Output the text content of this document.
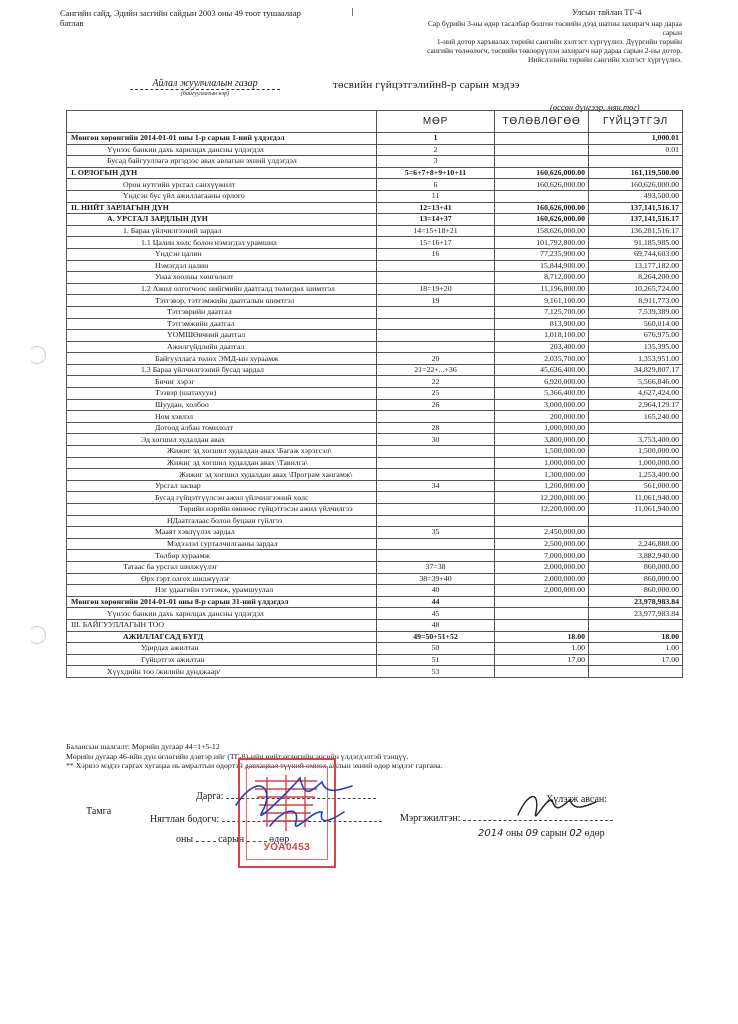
Сангийн сайд, Эдийн засгийн сайдын 2003 оны 49 тоот тушаалаар
батлав
Улсын тайлан ТГ-4
Сар бүрийн 3-ны өдөр тасалбар болгон төсвийн дээд шатны захирагч нар дараа сарын
1-ний дотор харъяалах төрийн сангийн хэлтэст хүргүүлнэ. Дүүргийн төрийн
сангийн төлөөлөгч, төсвийн төвлөрүүлэн захирагч нар дараа сарын 2-ны дотор,
Нийслэлийн төрийн сангийн хэлтэст хүргүүлнэ.
Айлал жуулчлалын газар
(байгууллагын нэр)
төсвийн гүйцэтгэлийн8-р сарын мэдээ
(өссөн дүнгээр, мян.төг)
	МӨР	ТӨЛӨВЛӨГӨӨ	ГҮЙЦЭТГЭЛ
Мөнгөн хөрөнгийн 2014-01-01 оны 1-р сарын 1-ний үлдэгдэл	1		1,000.01
Үүнээс банкин дахь харилцах дансны үлдэгдэл	2		0.01
Бусад байгууллага иргэдээс авах авлагын эхний үлдэгдэл	3		
I. ОРЛОГЫН ДҮН	5=6+7+8+9+10+11	160,626,000.00	161,119,500.00
Орон нутгийн урсгал санхүүжилт	6	160,626,000.00	160,626,000.00
Үндсэн бус үйл ажиллагааны орлого	11		493,500.00
II. НИЙТ ЗАРЛАГЫН ДҮН	12=13+41	160,626,000.00	137,141,516.17
А. УРСГАЛ ЗАРДЛЫН ДҮН	13=14+37	160,626,000.00	137,141,516.17
1. Бараа үйлчилгээний зардал	14=15+18+21	158,626,000.00	136,281,516.17
1.1 Цалин хөлс болон нэмэгдэл урамшил	15=16+17	101,792,800.00	91,185,985.00
Үндсэн цалин	16	77,235,900.00	69,744,603.00
Нэмэгдэл цалин		15,844,900.00	13,177,182.00
Унаа хоолны хөнгөлөлт		8,712,000.00	8,264,200.00
1.2 Ажил олгогчоос нийгмийн даатгалд төлөгдөх шимтгэл	18=19+20	11,196,800.00	10,265,724.00
Тэтгэвэр, тэтгэмжийн даатгалын шимтгэл	19	9,161,100.00	8,911,773.00
Тэтгэврийн даатгал		7,125,700.00	7,539,389.00
Тэтгэмжийн даатгал		813,900.00	560,014.00
ҮОМШӨвчний даатгал		1,018,100.00	676,975.00
Ажилгүйдлийн даатгал		203,400.00	135,395.00
Байгууллага төлөх ЭМД-ын хураамж	20	2,035,700.00	1,353,951.00
1.3 Бараа үйлчилгээний бусад зардал	21=22+...+36	45,636,400.00	34,829,807.17
Бичиг хэрэг	22	6,920,000.00	5,566,846.00
Тээвэр (шатахуун)	25	5,366,400.00	4,627,424.00
Шуудан, холбоо	26	3,000,000.00	2,964,129.17
Ном хэвлэл		200,000.00	165,240.00
Дотоод албан томилолт	28	1,000,000.00	
Эд хогшил худалдан авах	30	3,800,000.00	3,753,400.00
Жижиг эд хогшил худалдан авах \Багаж хэрэгсэл\		1,500,000.00	1,500,000.00
Жижиг эд хогшил худалдан авах \Тавилга\		1,000,000.00	1,000,000.00
Жижиг эд хогшил худалдан авах \Програм хангамж\		1,300,000.00	1,253,400.00
Урсгал засвар	34	1,200,000.00	561,000.00
Бусад гүйцэтгүүлсэн ажил үйлчилгээний хөлс		12,200,000.00	11,061,940.00
Төрийн нэрийн өмнөөс гүйцэтгэсэн ажил үйлчилгээ		12,200,000.00	11,061,940.00
НДаатгалаас болон буцаан гүйлгээ			
Мааят хэвлүүлэх зардал	35	2,450,000.00	
Мэдээлэл сурталчилгааны зардал		2,500,000.00	2,246,888.00
Төлбөр хураамж		7,000,000.00	3,882,940.00
Татаас ба урсгал шилжүүлэг	37=38	2,000,000.00	860,000.00
Өрх гэрт олгох шилжүүлэг	38=39+40	2,000,000.00	860,000.00
Нэг удаагийн тэтгэмж, урамшуулал	40	2,000,000.00	860,000.00
Мөнгөн хөрөнгийн 2014-01-01 оны 8-р сарын 31-ний үлдэгдэл	44		23,978,983.84
Үүнээс банкин дахь харилцах дансны үлдэгдэл	45		23,977,983.84
III. БАЙГУУЛЛАГЫН ТОО	48		
АЖИЛЛАГСАД БҮГД	49=50+51+52	18.00	18.00
Удирдах ажилтан	50	1.00	1.00
Гүйцэтгэх ажилтан	51	17.00	17.00
Хүүхдийн тоо /жилийн дунджаар/	53		
Балансын шалгалт: Мөрийн дугаар 44=1+5-12
Мөрийн дугаар 46-ийн дүн өглөгийн дэвтэр ийг (ТГ-8)-ийн нийт өглөгийн эцсийн үлдэгдэлтэй тэнцүү.
** Хэрвээ мэдээ гаргах хугацаа нь амралтын өдөртэй давхацвал түүний өмнөх ажлын эхний өдөр мэдээг гаргана.
Тамга
Дарга:
Нягтлан бодогч:
оны	сарын	өдөр
Хүлээж авсан:
Мэргэжилтэн:
2014 оны 09 сарын 02 өдөр
УОА0453
